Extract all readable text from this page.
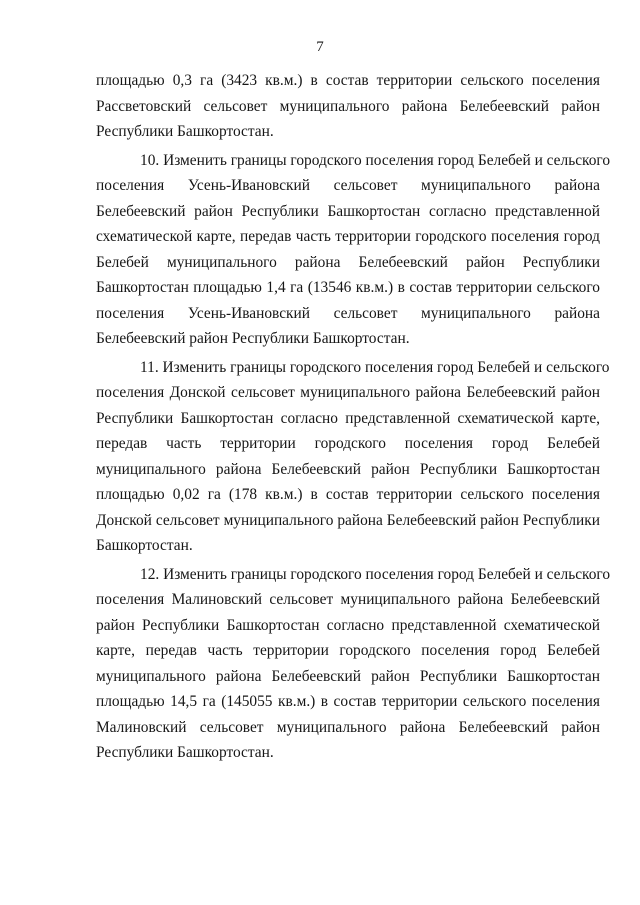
7
площадью 0,3 га (3423 кв.м.) в состав территории сельского поселения
Рассветовский сельсовет муниципального района Белебеевский район
Республики Башкортостан.
10. Изменить границы городского поселения город Белебей и сельского
поселения Усень-Ивановский сельсовет муниципального района
Белебеевский район Республики Башкортостан согласно представленной
схематической карте, передав часть территории городского поселения город
Белебей муниципального района Белебеевский район Республики
Башкортостан площадью 1,4 га (13546 кв.м.) в состав территории сельского
поселения Усень-Ивановский сельсовет муниципального района
Белебеевский район Республики Башкортостан.
11. Изменить границы городского поселения город Белебей и сельского
поселения Донской сельсовет муниципального района Белебеевский район
Республики Башкортостан согласно представленной схематической карте,
передав часть территории городского поселения город Белебей
муниципального района Белебеевский район Республики Башкортостан
площадью 0,02 га (178 кв.м.) в состав территории сельского поселения
Донской сельсовет муниципального района Белебеевский район Республики
Башкортостан.
12. Изменить границы городского поселения город Белебей и сельского
поселения Малиновский сельсовет муниципального района Белебеевский
район Республики Башкортостан согласно представленной схематической
карте, передав часть территории городского поселения город Белебей
муниципального района Белебеевский район Республики Башкортостан
площадью 14,5 га (145055 кв.м.) в состав территории сельского поселения
Малиновский сельсовет муниципального района Белебеевский район
Республики Башкортостан.
